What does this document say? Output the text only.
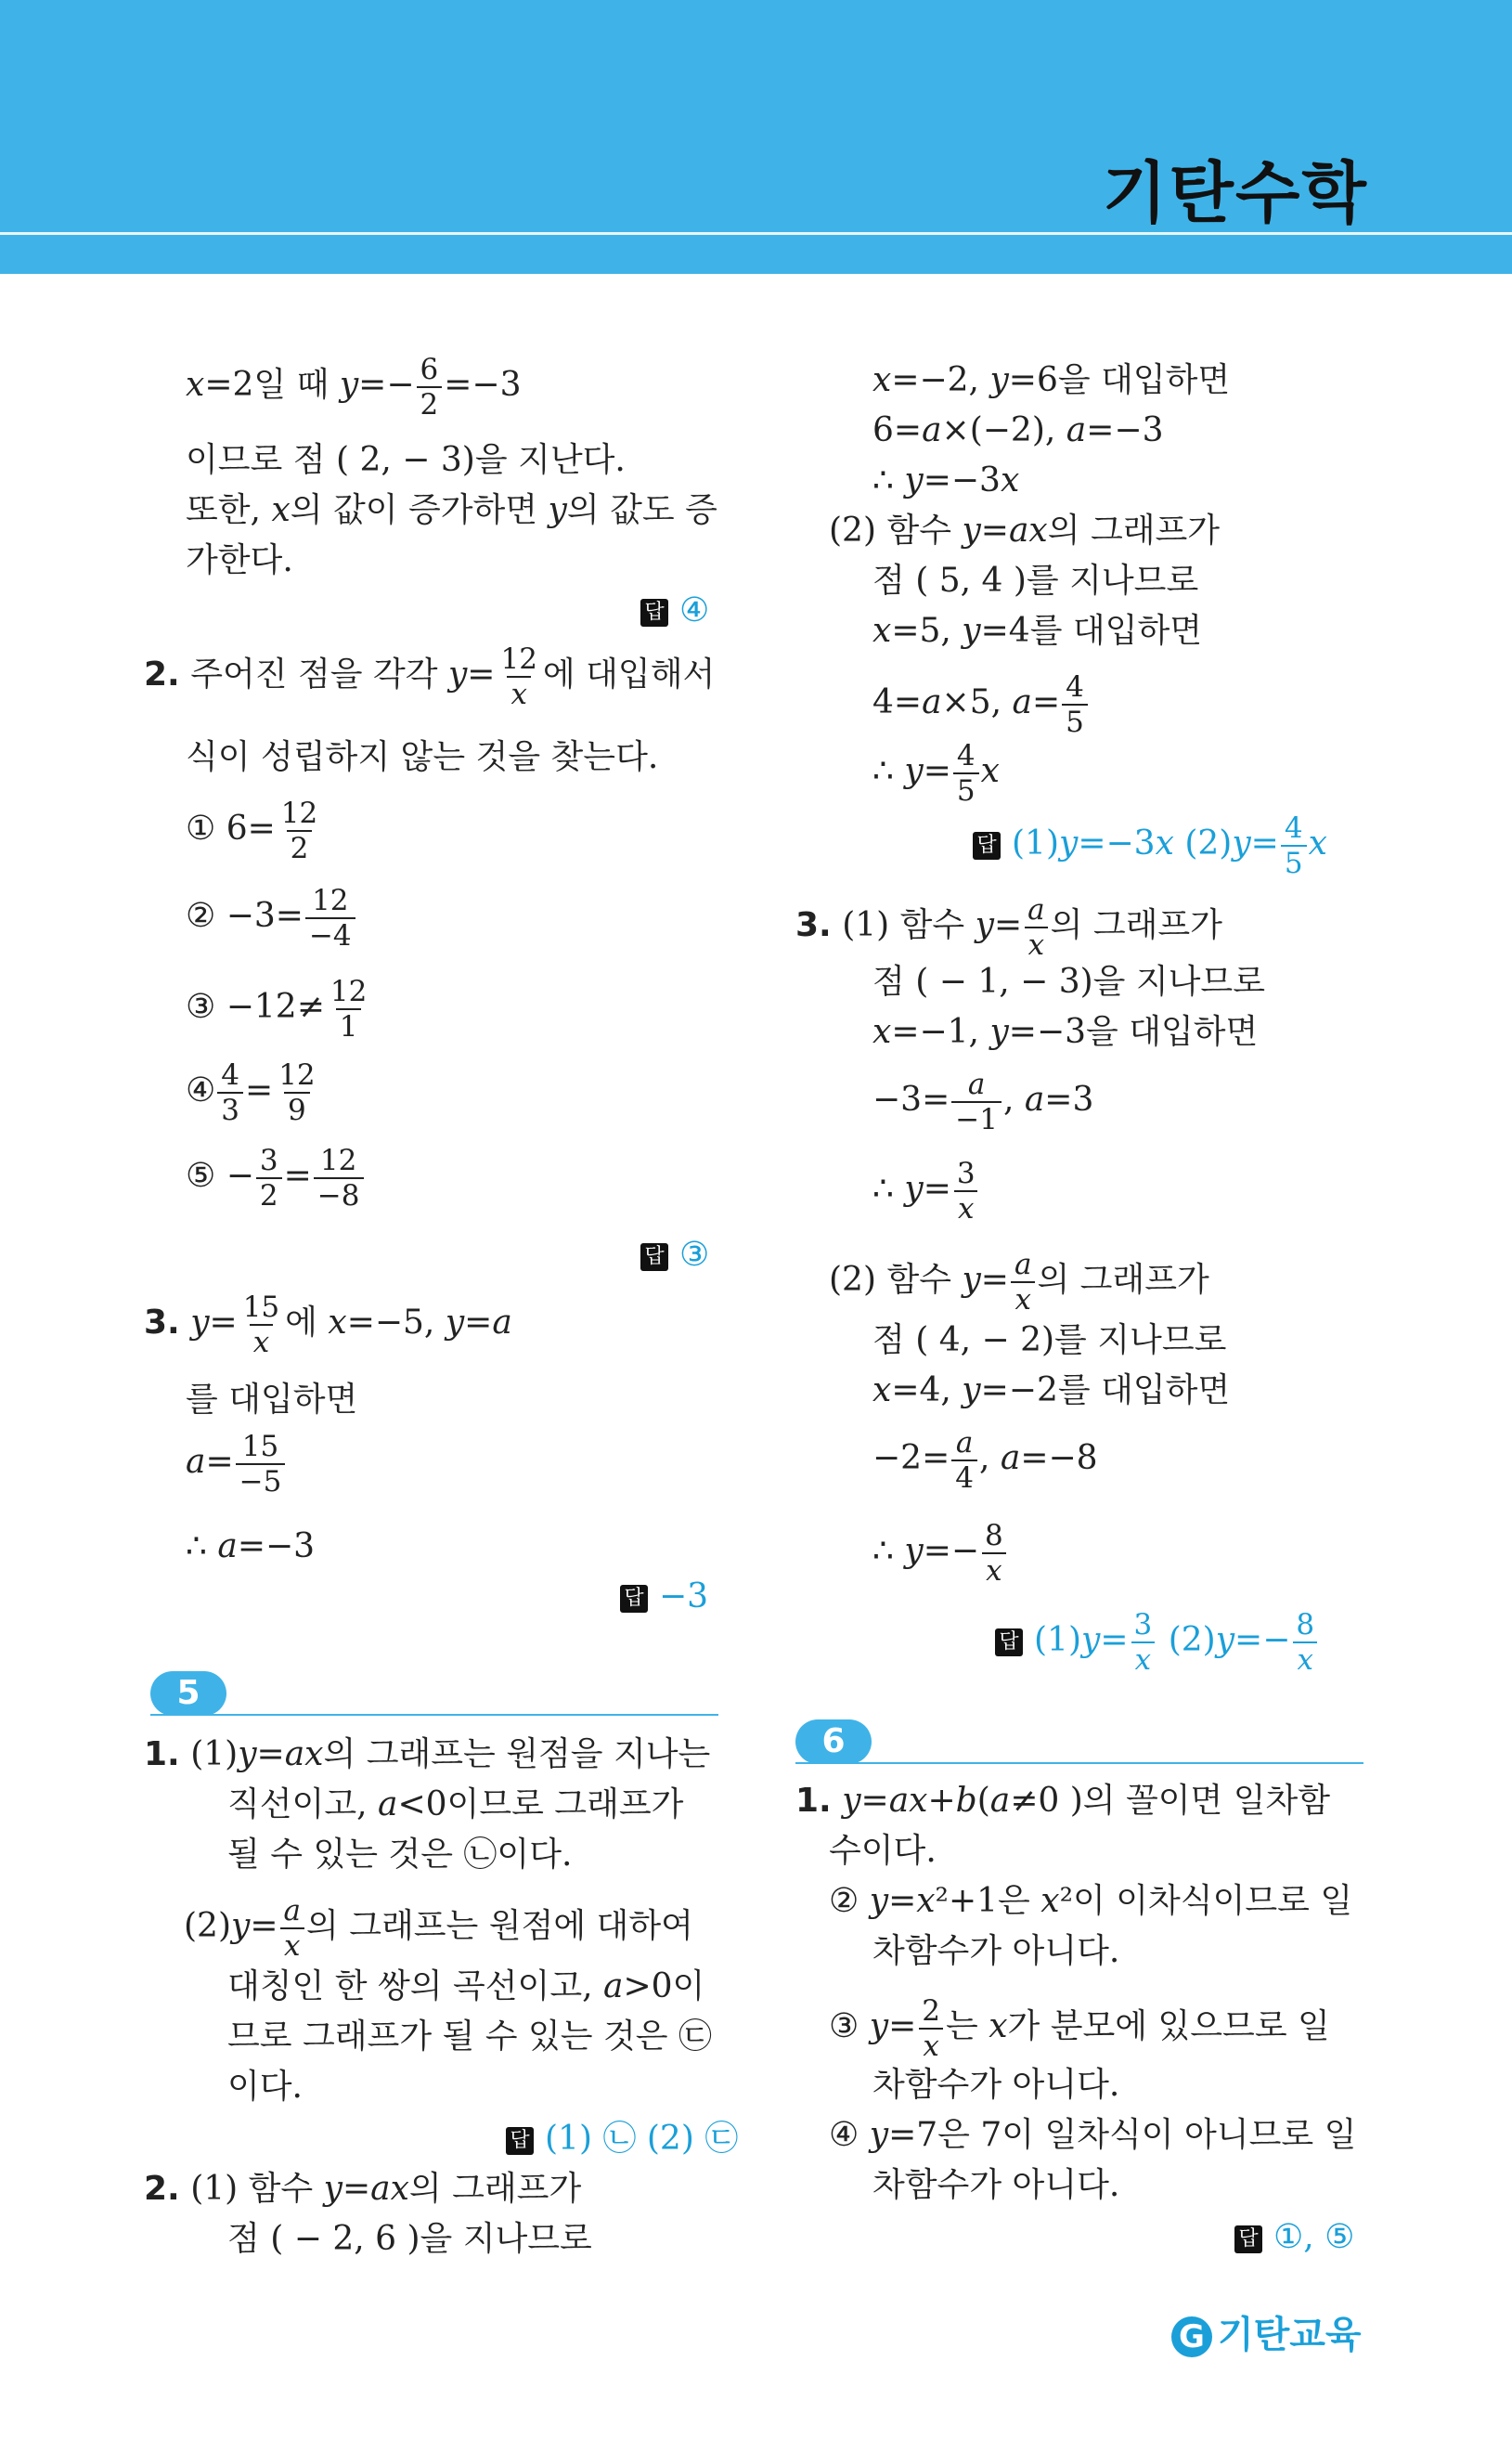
기탄수학
x=2일 때 $y=- \frac{6}{2} =-3$
이므로 점 ( 2, − 3)을 지난다.
또한, x의 값이 증가하면 y의 값도 증
가한다.
답 ④
2. 주어진 점을 각각 $y= \frac{12}{x}$ 에 대입해서
식이 성립하지 않는 것을 찾는다.
① $6= \frac{12}{2}$
② $-3= \frac{12}{-4}$
③ $-12\ne \frac{12}{1}$
④ $\frac{4}{3} = \frac{12}{9}$
⑤ − $\frac{3}{2} = \frac{12}{-8}$
답 ③
3. $y= \frac{15}{x}$ 에 x=−5, y=a
를 대입하면
$a= \frac{15}{-5}$
∴ a=−3
답 −3
5
1. (1)y=ax의 그래프는 원점을 지나는
직선이고, a<0이므로 그래프가
될 수 있는 것은 ㉡이다.
$(2)y= \frac{a}{x}$ 의 그래프는 원점에 대하여
대칭인 한 쌍의 곡선이고, a>0이
므로 그래프가 될 수 있는 것은 ㉢
이다.
답 (1) ㉡ (2) ㉢
2. (1) 함수 y=ax의 그래프가
점 ( − 2, 6 )을 지나므로
x=−2, y=6을 대입하면
6=a×(−2), a=−3
∴ y=−3x
(2) 함수 y=ax의 그래프가
점 ( 5, 4 )를 지나므로
x=5, y=4를 대입하면
4=a×5, $a= \frac{4}{5}$
∴ $y= \frac{4}{5}$ x
답 (1)y=−3x $(2)y= \frac{4}{5}$ x
3. (1) 함수 $y= \frac{a}{x}$ 의 그래프가
점 ( − 1, − 3)을 지나므로
x=−1, y=−3을 대입하면
$-3= \frac{a}{-1}$ , a=3
∴ $y= \frac{3}{x}$
(2) 함수 $y= \frac{a}{x}$ 의 그래프가
점 ( 4, − 2)를 지나므로
x=4, y=−2를 대입하면
$-2= \frac{a}{4}$ , a=−8
∴ $y=- \frac{8}{x}$
답 $(1)y= \frac{3}{x} (2)y=- \frac{8}{x}$
6
1. y=ax+b(a≠0 )의 꼴이면 일차함
수이다.
② y=x²+1은 x²이 이차식이므로 일
차함수가 아니다.
③ $y= \frac{2}{x}$ 는 x가 분모에 있으므로 일
차함수가 아니다.
④ y=7은 7이 일차식이 아니므로 일
차함수가 아니다.
답 ①, ⑤
G 기탄교육
